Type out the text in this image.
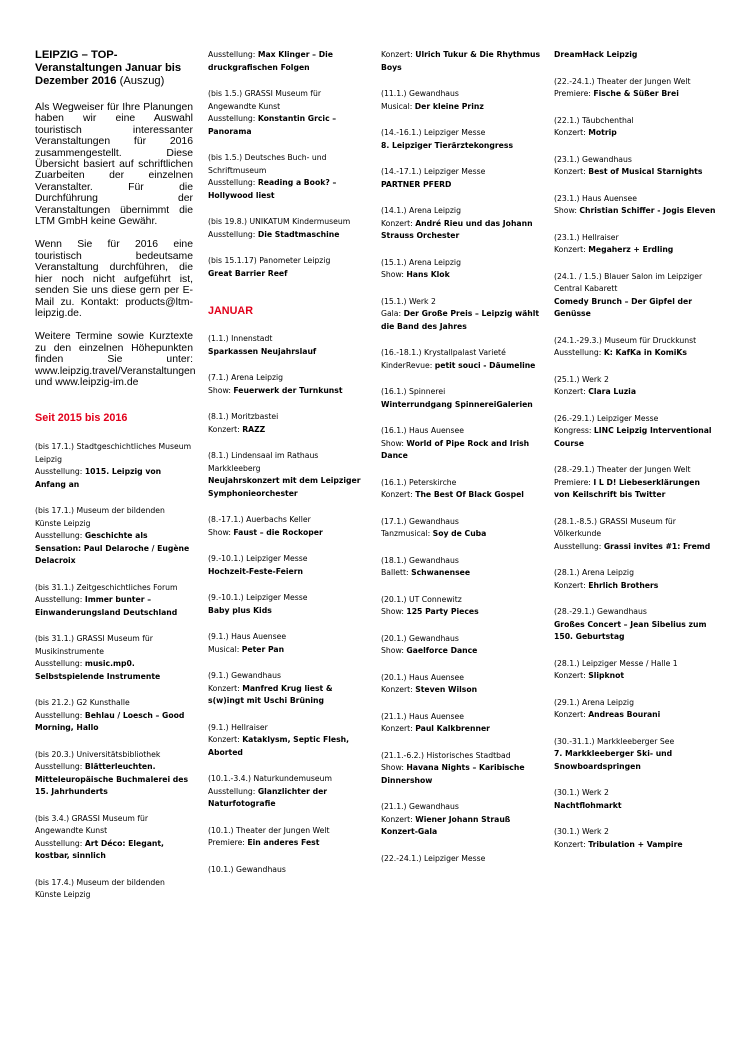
LEIPZIG – TOP-Veranstaltungen Januar bis Dezember 2016 (Auszug)

Als Wegweiser für Ihre Planungen haben wir eine Auswahl touristisch interessanter Veranstaltungen für 2016 zusammengestellt. Diese Übersicht basiert auf schriftlichen Zuarbeiten der einzelnen Veranstalter. Für die Durchführung der Veranstaltungen übernimmt die LTM GmbH keine Gewähr.

Wenn Sie für 2016 eine touristisch bedeutsame Veranstaltung durchführen, die hier noch nicht aufgeführt ist, senden Sie uns diese gern per E-Mail zu. Kontakt: products@ltm-leipzig.de.

Weitere Termine sowie Kurztexte zu den einzelnen Höhepunkten finden Sie unter: www.leipzig.travel/Veranstaltungen und www.leipzig-im.de

Seit 2015 bis 2016
(bis 17.1.) Stadtgeschichtliches Museum Leipzig
Ausstellung: 1015. Leipzig von Anfang an
(bis 17.1.) Museum der bildenden Künste Leipzig
Ausstellung: Geschichte als Sensation: Paul Delaroche / Eugène Delacroix
(bis 31.1.) Zeitgeschichtliches Forum
Ausstellung: Immer bunter – Einwanderungsland Deutschland
(bis 31.1.) GRASSI Museum für Musikinstrumente
Ausstellung: music.mp0. Selbstspielende Instrumente
(bis 21.2.) G2 Kunsthalle
Ausstellung: Behlau / Loesch – Good Morning, Hallo
(bis 20.3.) Universitätsbibliothek
Ausstellung: Blätterleuchten. Mitteleuropäische Buchmalerei des 15. Jahrhunderts
(bis 3.4.) GRASSI Museum für Angewandte Kunst
Ausstellung: Art Déco: Elegant, kostbar, sinnlich
(bis 17.4.) Museum der bildenden Künste Leipzig
Ausstellung: Max Klinger – Die druckgrafischen Folgen
(bis 1.5.) GRASSI Museum für Angewandte Kunst
Ausstellung: Konstantin Grcic – Panorama
(bis 1.5.) Deutsches Buch- und Schriftmuseum
Ausstellung: Reading a Book? – Hollywood liest
(bis 19.8.) UNIKATUM Kindermuseum
Ausstellung: Die Stadtmaschine
(bis 15.1.17) Panometer Leipzig
Great Barrier Reef
JANUAR
(1.1.) Innenstadt
Sparkassen Neujahrslauf
(7.1.) Arena Leipzig
Show: Feuerwerk der Turnkunst
(8.1.) Moritzbastei
Konzert: RAZZ
(8.1.) Lindensaal im Rathaus Markkleeberg
Neujahrskonzert mit dem Leipziger Symphonieorchester
(8.-17.1.) Auerbachs Keller
Show: Faust – die Rockoper
(9.-10.1.) Leipziger Messe
Hochzeit-Feste-Feiern
(9.-10.1.) Leipziger Messe
Baby plus Kids
(9.1.) Haus Auensee
Musical: Peter Pan
(9.1.) Gewandhaus
Konzert: Manfred Krug liest & s(w)ingt mit Uschi Brüning
(9.1.) Hellraiser
Konzert: Kataklysm, Septic Flesh, Aborted
(10.1.-3.4.) Naturkundemuseum
Ausstellung: Glanzlichter der Naturfotografie
(10.1.) Theater der Jungen Welt
Premiere: Ein anderes Fest
(10.1.) Gewandhaus
Konzert: Ulrich Tukur & Die Rhythmus Boys
(11.1.) Gewandhaus
Musical: Der kleine Prinz
(14.-16.1.) Leipziger Messe
8. Leipziger Tierärztekongress
(14.-17.1.) Leipziger Messe
PARTNER PFERD
(14.1.) Arena Leipzig
Konzert: André Rieu und das Johann Strauss Orchester
(15.1.) Arena Leipzig
Show: Hans Klok
(15.1.) Werk 2
Gala: Der Große Preis – Leipzig wählt die Band des Jahres
(16.-18.1.) Krystallpalast Varieté
KinderRevue: petit souci - Däumeline
(16.1.) Spinnerei
Winterrundgang SpinnereiGalerien
(16.1.) Haus Auensee
Show: World of Pipe Rock and Irish Dance
(16.1.) Peterskirche
Konzert: The Best Of Black Gospel
(17.1.) Gewandhaus
Tanzmusical: Soy de Cuba
(18.1.) Gewandhaus
Ballett: Schwanensee
(20.1.) UT Connewitz
Show: 125 Party Pieces
(20.1.) Gewandhaus
Show: Gaelforce Dance
(20.1.) Haus Auensee
Konzert: Steven Wilson
(21.1.) Haus Auensee
Konzert: Paul Kalkbrenner
(21.1.-6.2.) Historisches Stadtbad
Show: Havana Nights – Karibische Dinnershow
(21.1.) Gewandhaus
Konzert: Wiener Johann Strauß Konzert-Gala
(22.-24.1.) Leipziger Messe
DreamHack Leipzig
(22.-24.1.) Theater der Jungen Welt
Premiere: Fische & Süßer Brei
(22.1.) Täubchenthal
Konzert: Motrip
(23.1.) Gewandhaus
Konzert: Best of Musical Starnights
(23.1.) Haus Auensee
Show: Christian Schiffer - Jogis Eleven
(23.1.) Hellraiser
Konzert: Megaherz + Erdling
(24.1. / 1.5.) Blauer Salon im Leipziger Central Kabarett
Comedy Brunch – Der Gipfel der Genüsse
(24.1.-29.3.) Museum für Druckkunst
Ausstellung: K: KafKa in KomiKs
(25.1.) Werk 2
Konzert: Clara Luzia
(26.-29.1.) Leipziger Messe
Kongress: LINC Leipzig Interventional Course
(28.-29.1.) Theater der Jungen Welt
Premiere: I L D! Liebeserklärungen von Keilschrift bis Twitter
(28.1.-8.5.) GRASSI Museum für Völkerkunde
Ausstellung: Grassi invites #1: Fremd
(28.1.) Arena Leipzig
Konzert: Ehrlich Brothers
(28.-29.1.) Gewandhaus
Großes Concert – Jean Sibelius zum 150. Geburtstag
(28.1.) Leipziger Messe / Halle 1
Konzert: Slipknot
(29.1.) Arena Leipzig
Konzert: Andreas Bourani
(30.-31.1.) Markkleeberger See
7. Markkleeberger Ski- und Snowboardspringen
(30.1.) Werk 2
Nachtflohmarkt
(30.1.) Werk 2
Konzert: Tribulation + Vampire
